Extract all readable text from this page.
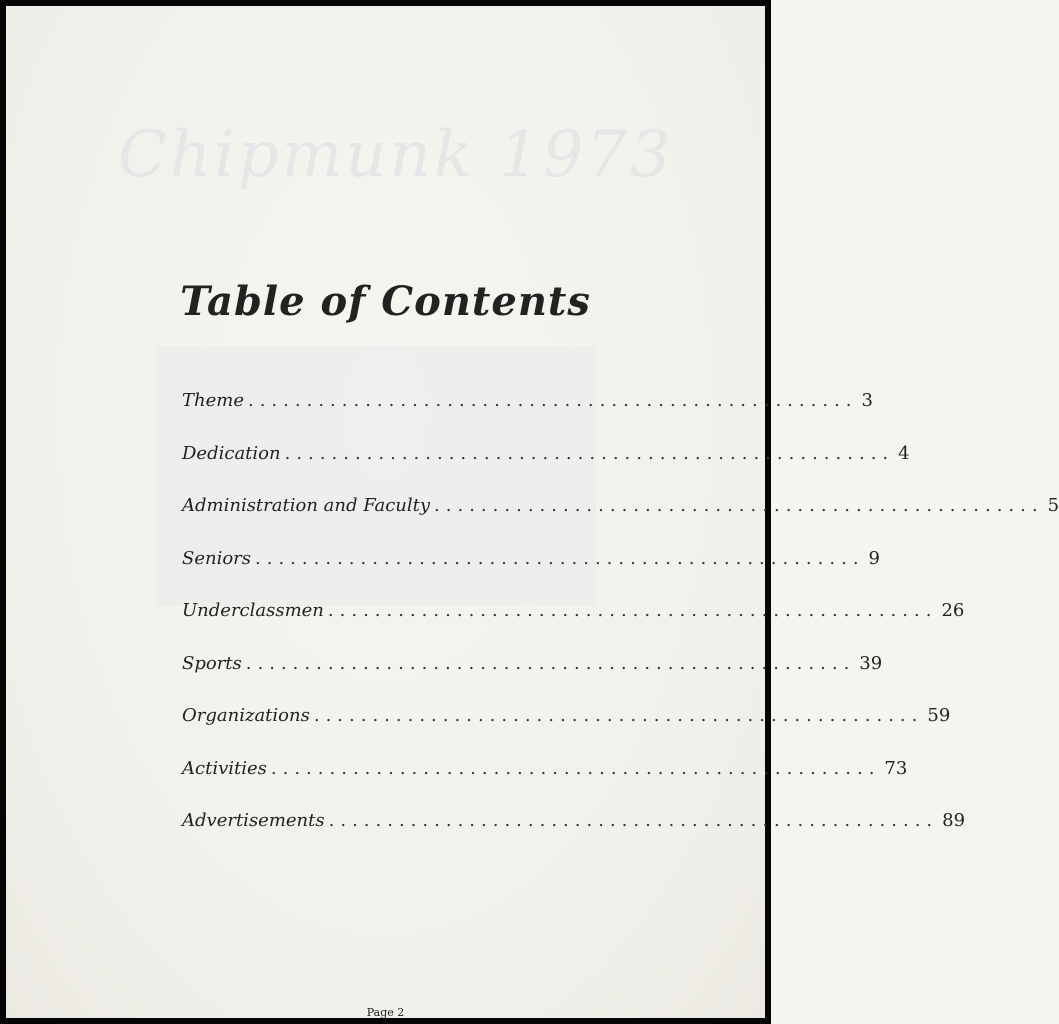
Chipmunk 1973
Table of Contents
Theme .................................................... 3
Dedication .................................................... 4
Administration and Faculty .................................................... 5
Seniors .................................................... 9
Underclassmen .................................................... 26
Sports .................................................... 39
Organizations .................................................... 59
Activities .................................................... 73
Advertisements .................................................... 89
Page 2
